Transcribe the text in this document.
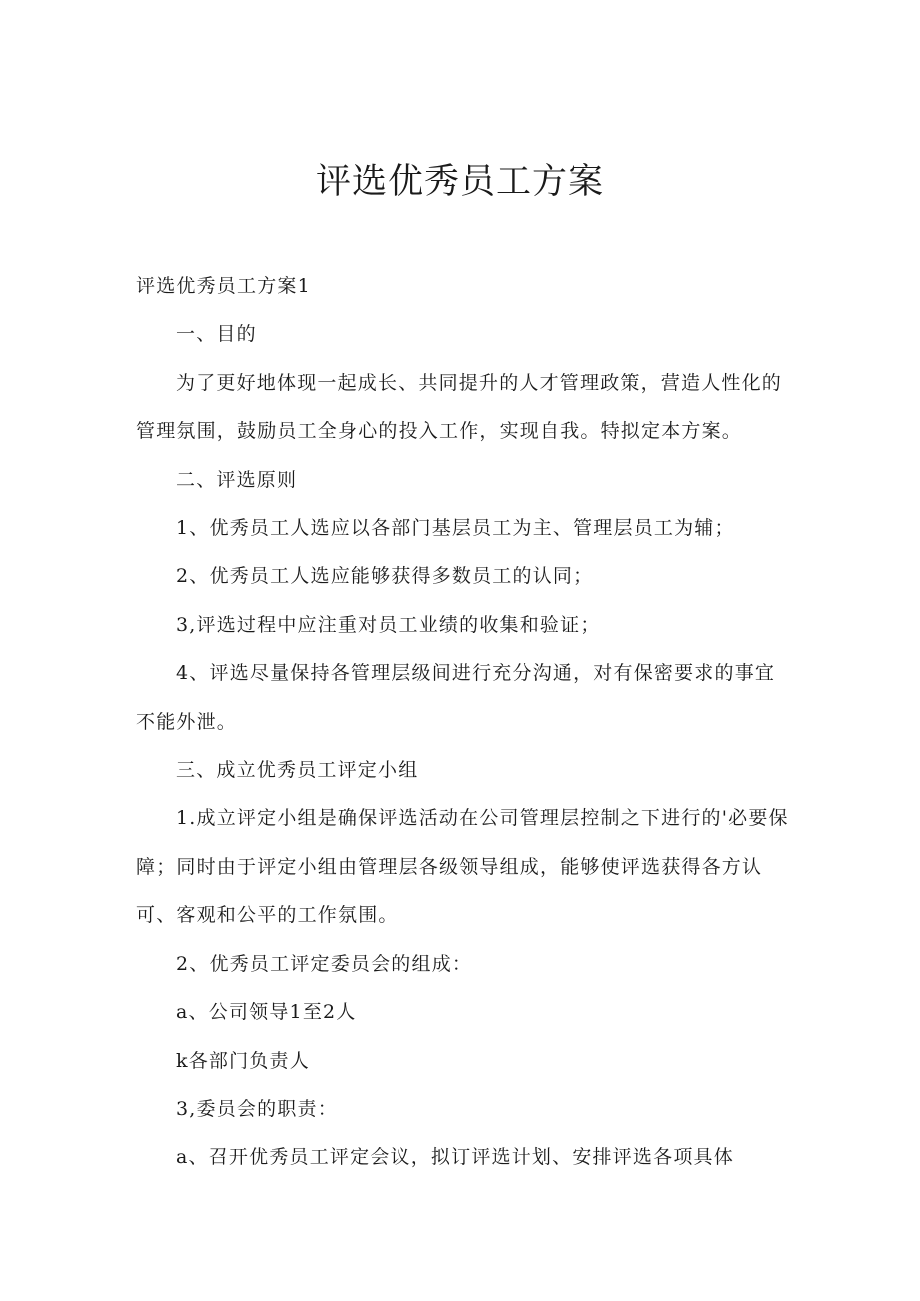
评选优秀员工方案

评选优秀员工方案1

一、目的

为了更好地体现一起成长、共同提升的人才管理政策，营造人性化的管理氛围，鼓励员工全身心的投入工作，实现自我。特拟定本方案。

二、评选原则

1、优秀员工人选应以各部门基层员工为主、管理层员工为辅；

2、优秀员工人选应能够获得多数员工的认同；

3,评选过程中应注重对员工业绩的收集和验证；

4、评选尽量保持各管理层级间进行充分沟通，对有保密要求的事宜不能外泄。

三、成立优秀员工评定小组

1.成立评定小组是确保评选活动在公司管理层控制之下进行的'必要保障；同时由于评定小组由管理层各级领导组成，能够使评选获得各方认可、客观和公平的工作氛围。

2、优秀员工评定委员会的组成：

a、公司领导1至2人

k各部门负责人

3,委员会的职责：

a、召开优秀员工评定会议，拟订评选计划、安排评选各项具体
